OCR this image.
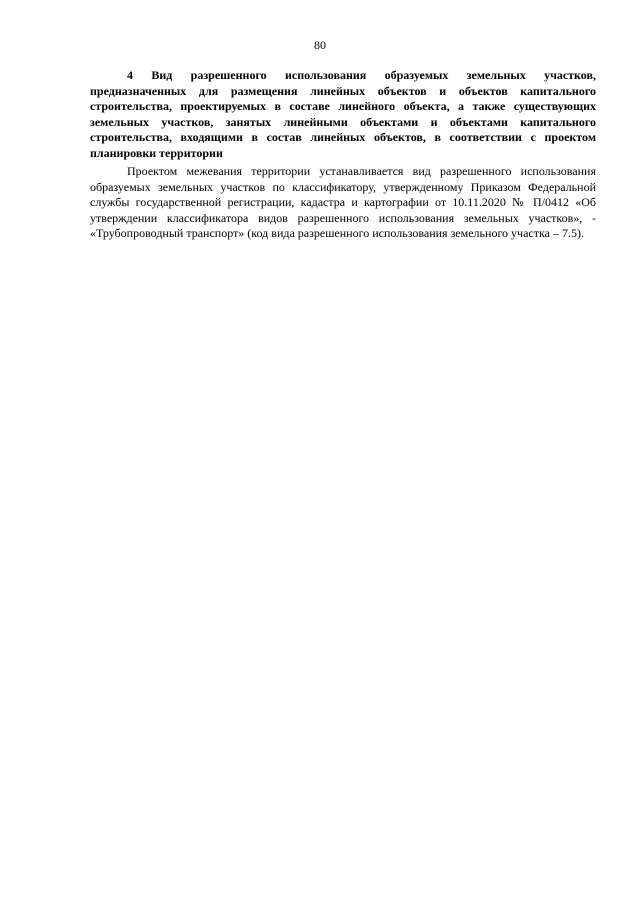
80

4 Вид разрешенного использования образуемых земельных участков, предназначенных для размещения линейных объектов и объектов капитального строительства, проектируемых в составе линейного объекта, а также существующих земельных участков, занятых линейными объектами и объектами капитального строительства, входящими в состав линейных объектов, в соответствии с проектом планировки территории

Проектом межевания территории устанавливается вид разрешенного использования образуемых земельных участков по классификатору, утвержденному Приказом Федеральной службы государственной регистрации, кадастра и картографии от 10.11.2020 № П/0412 «Об утверждении классификатора видов разрешенного использования земельных участков», - «Трубопроводный транспорт» (код вида разрешенного использования земельного участка – 7.5).
